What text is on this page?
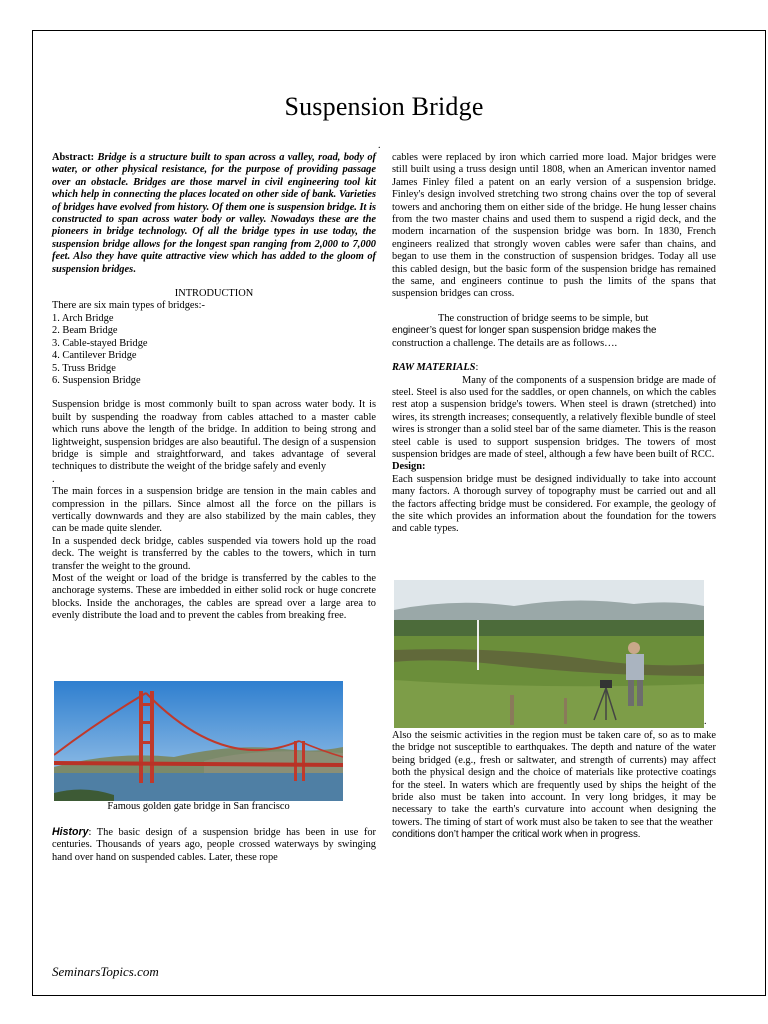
Suspension Bridge
.

Abstract: Bridge is a structure built to span across a valley, road, body of water, or other physical resistance, for the purpose of providing passage over an obstacle. Bridges are those marvel in civil engineering tool kit which help in connecting the places located on other side of bank. Varieties of bridges have evolved from history. Of them one is suspension bridge. It is constructed to span across water body or valley. Nowadays these are the pioneers in bridge technology. Of all the bridge types in use today, the suspension bridge allows for the longest span ranging from 2,000 to 7,000 feet. Also they have quite attractive view which has added to the gloom of suspension bridges.

INTRODUCTION

There are six main types of bridges:-
1. Arch Bridge
2. Beam Bridge
3. Cable-stayed Bridge
4. Cantilever Bridge
5. Truss Bridge
6. Suspension Bridge

Suspension bridge is most commonly built to span across water body. It is built by suspending the roadway from cables attached to a master cable which runs above the length of the bridge. In addition to being strong and lightweight, suspension bridges are also beautiful. The design of a suspension bridge is simple and straightforward, and takes advantage of several techniques to distribute the weight of the bridge safely and evenly

.

The main forces in a suspension bridge are tension in the main cables and compression in the pillars. Since almost all the force on the pillars is vertically downwards and they are also stabilized by the main cables, they can be made quite slender.

In a suspended deck bridge, cables suspended via towers hold up the road deck. The weight is transferred by the cables to the towers, which in turn transfer the weight to the ground.

Most of the weight or load of the bridge is transferred by the cables to the anchorage systems. These are imbedded in either solid rock or huge concrete blocks. Inside the anchorages, the cables are spread over a large area to evenly distribute the load and to prevent the cables from breaking free.

Famous golden gate bridge in San francisco

History: The basic design of a suspension bridge has been in use for centuries. Thousands of years ago, people crossed waterways by swinging hand over hand on suspended cables. Later, these rope

cables were replaced by iron which carried more load. Major bridges were still built using a truss design until 1808, when an American inventor named James Finley filed a patent on an early version of a suspension bridge. Finley's design involved stretching two strong chains over the top of several towers and anchoring them on either side of the bridge. He hung lesser chains from the two master chains and used them to suspend a rigid deck, and the modern incarnation of the suspension bridge was born. In 1830, French engineers realized that strongly woven cables were safer than chains, and began to use them in the construction of suspension bridges. Today all use this cabled design, but the basic form of the suspension bridge has remained the same, and engineers continue to push the limits of the spans that suspension bridges can cross.

The construction of bridge seems to be simple, but

engineer’s quest for longer span suspension bridge makes the

construction a challenge. The details are as follows….

RAW MATERIALS:

Many of the components of a suspension bridge are made of steel. Steel is also used for the saddles, or open channels, on which the cables rest atop a suspension bridge's towers. When steel is drawn (stretched) into wires, its strength increases; consequently, a relatively flexible bundle of steel wires is stronger than a solid steel bar of the same diameter. This is the reason steel cable is used to support suspension bridges. The towers of most suspension bridges are made of steel, although a few have been built of RCC.

Design:

Each suspension bridge must be designed individually to take into account many factors. A thorough survey of topography must be carried out and all the factors affecting bridge must be considered. For example, the geology of the site which provides an information about the foundation for the towers and cable types.

.

Also the seismic activities in the region must be taken care of, so as to make the bridge not susceptible to earthquakes. The depth and nature of the water being bridged (e.g., fresh or saltwater, and strength of currents) may affect both the physical design and the choice of materials like protective coatings for the steel. In waters which are frequently used by ships the height of the bride also must be taken into account. In very long bridges, it may be necessary to take the earth's curvature into account when designing the towers. The timing of start of work must also be taken to see that the weather

conditions don’t hamper the critical work when in progress.

SeminarsTopics.com
